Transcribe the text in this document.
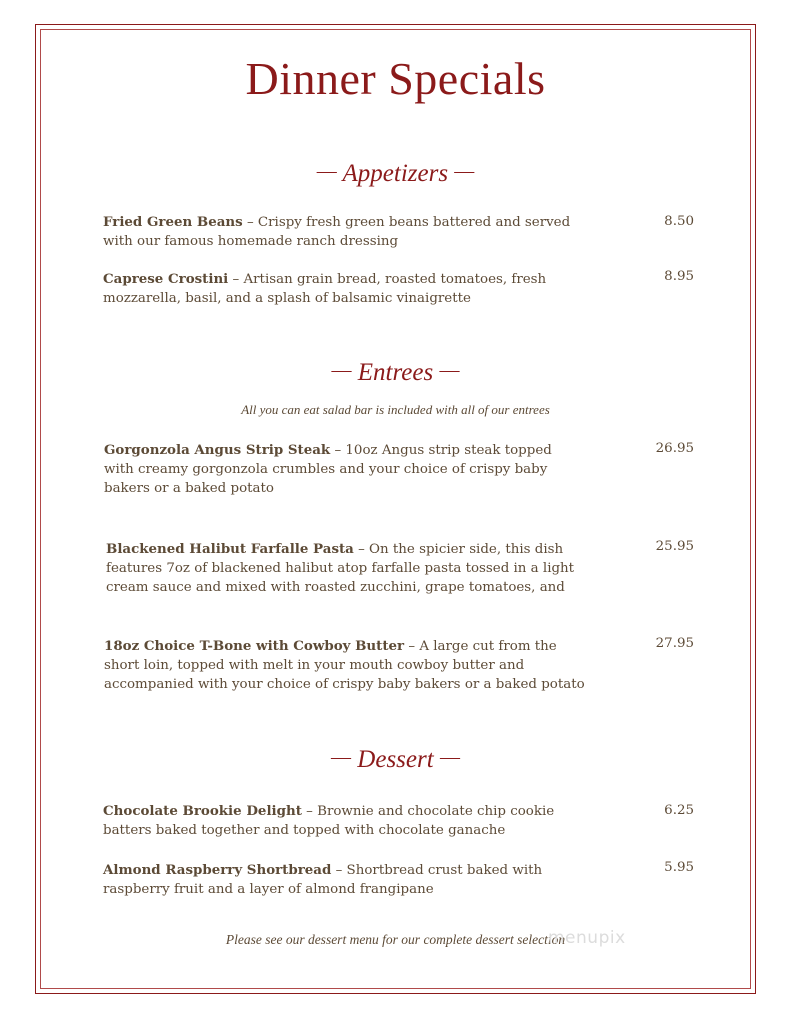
Dinner Specials
— Appetizers —
Fried Green Beans – Crispy fresh green beans battered and served with our famous homemade ranch dressing
8.50
Caprese Crostini – Artisan grain bread, roasted tomatoes, fresh mozzarella, basil, and a splash of balsamic vinaigrette
8.95
— Entrees —
All you can eat salad bar is included with all of our entrees
Gorgonzola Angus Strip Steak – 10oz Angus strip steak topped with creamy gorgonzola crumbles and your choice of crispy baby bakers or a baked potato
26.95
Blackened Halibut Farfalle Pasta – On the spicier side, this dish features 7oz of blackened halibut atop farfalle pasta tossed in a light cream sauce and mixed with roasted zucchini, grape tomatoes, and
25.95
18oz Choice T-Bone with Cowboy Butter – A large cut from the short loin, topped with melt in your mouth cowboy butter and accompanied with your choice of crispy baby bakers or a baked potato
27.95
— Dessert —
Chocolate Brookie Delight – Brownie and chocolate chip cookie batters baked together and topped with chocolate ganache
6.25
Almond Raspberry Shortbread – Shortbread crust baked with raspberry fruit and a layer of almond frangipane
5.95
Please see our dessert menu for our complete dessert selection
menupix
